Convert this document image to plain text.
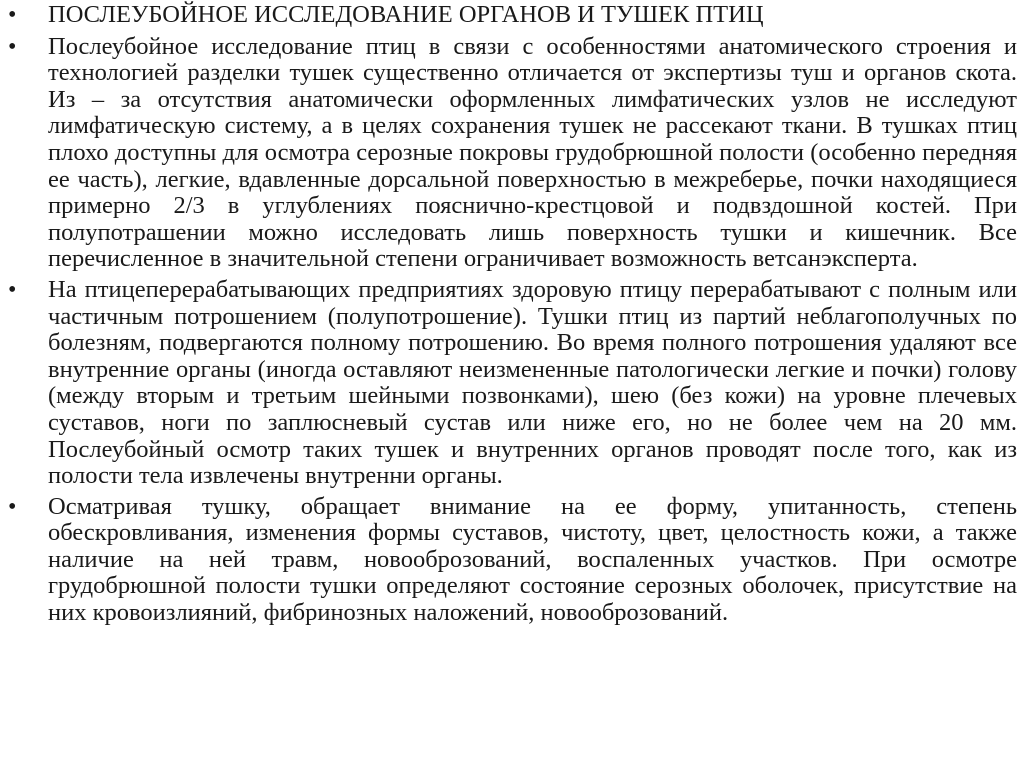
• ПОСЛЕУБОЙНОЕ ИССЛЕДОВАНИЕ ОРГАНОВ И ТУШЕК ПТИЦ
• Послеубойное исследование птиц в связи с особенностями анатомического строения и технологией разделки тушек существенно отличается от экспертизы туш и органов скота. Из – за отсутствия анатомически оформленных лимфатических узлов не исследуют лимфатическую систему, а в целях сохранения тушек не рассекают ткани. В тушках птиц плохо доступны для осмотра серозные покровы грудобрюшной полости (особенно передняя ее часть), легкие, вдавленные дорсальной поверхностью в межреберье, почки находящиеся примерно 2/3 в углублениях пояснично-крестцовой и подвздошной костей. При полупотрашении можно исследовать лишь поверхность тушки и кишечник. Все перечисленное в значительной степени ограничивает возможность ветсанэксперта.
• На птицеперерабатывающих предприятиях здоровую птицу перерабатывают с полным или частичным потрошением (полупотрошение). Тушки птиц из партий неблагополучных по болезням, подвергаются полному потрошению. Во время полного потрошения удаляют все внутренние органы (иногда оставляют неизмененные патологически легкие и почки) голову (между вторым и третьим шейными позвонками), шею (без кожи) на уровне плечевых суставов, ноги по заплюсневый сустав или ниже его, но не более чем на 20 мм. Послеубойный осмотр таких тушек и внутренних органов проводят после того, как из полости тела извлечены внутренни органы.
• Осматривая тушку, обращает внимание на ее форму, упитанность, степень обескровливания, изменения формы суставов, чистоту, цвет, целостность кожи, а также наличие на ней травм, новооброзований, воспаленных участков. При осмотре грудобрюшной полости тушки определяют состояние серозных оболочек, присутствие на них кровоизлияний, фибринозных наложений, новооброзований.
